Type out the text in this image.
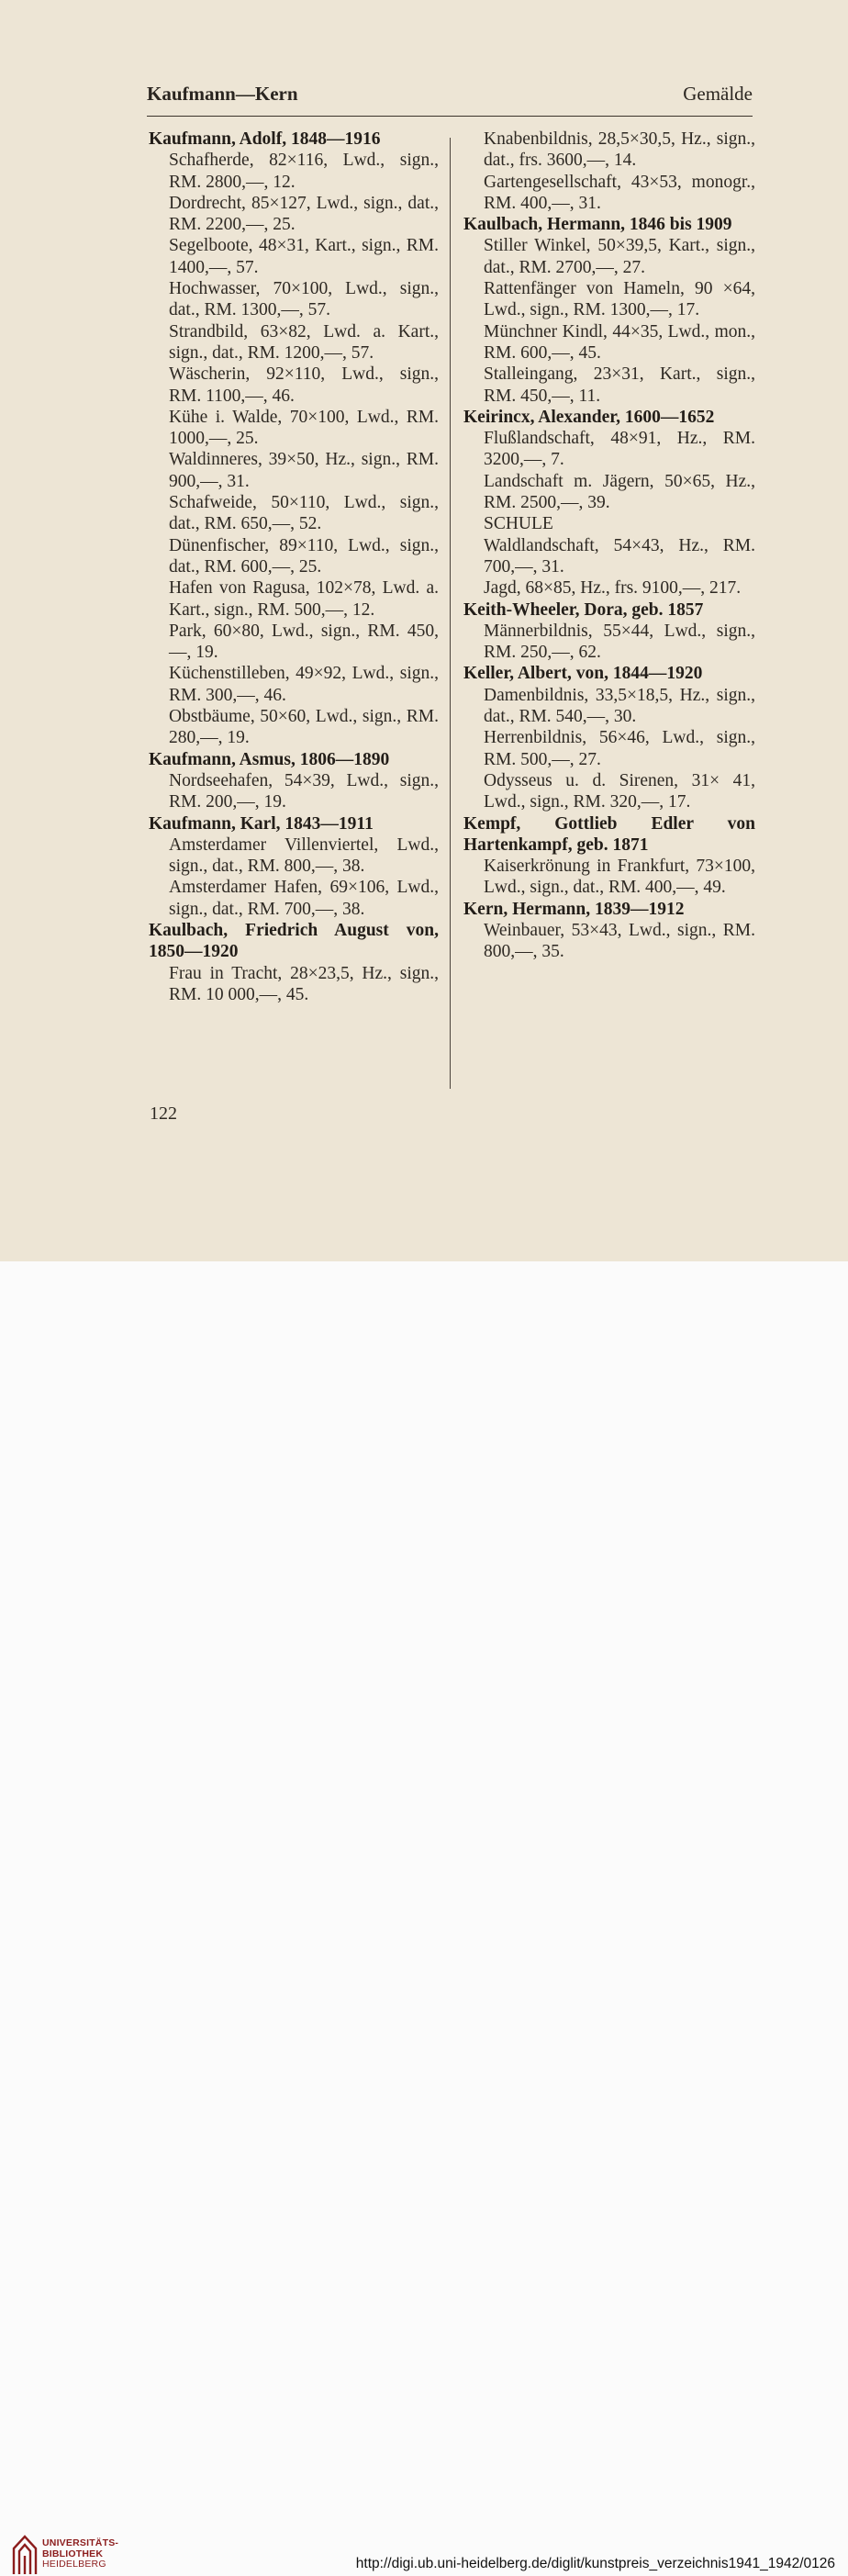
Kaufmann—Kern	Gemälde
Kaufmann, Adolf, 1848—1916
Schafherde, 82×116, Lwd., sign., RM. 2800,—, 12.
Dordrecht, 85×127, Lwd., sign., dat., RM. 2200,—, 25.
Segelboote, 48×31, Kart., sign., RM. 1400,—, 57.
Hochwasser, 70×100, Lwd., sign., dat., RM. 1300,—, 57.
Strandbild, 63×82, Lwd. a. Kart., sign., dat., RM. 1200,—, 57.
Wäscherin, 92×110, Lwd., sign., RM. 1100,—, 46.
Kühe i. Walde, 70×100, Lwd., RM. 1000,—, 25.
Waldinneres, 39×50, Hz., sign., RM. 900,—, 31.
Schafweide, 50×110, Lwd., sign., dat., RM. 650,—, 52.
Dünenfischer, 89×110, Lwd., sign., dat., RM. 600,—, 25.
Hafen von Ragusa, 102×78, Lwd. a. Kart., sign., RM. 500,—, 12.
Park, 60×80, Lwd., sign., RM. 450,—, 19.
Küchenstilleben, 49×92, Lwd., sign., RM. 300,—, 46.
Obstbäume, 50×60, Lwd., sign., RM. 280,—, 19.
Kaufmann, Asmus, 1806—1890
Nordseehafen, 54×39, Lwd., sign., RM. 200,—, 19.
Kaufmann, Karl, 1843—1911
Amsterdamer Villenviertel, Lwd., sign., dat., RM. 800,—, 38.
Amsterdamer Hafen, 69×106, Lwd., sign., dat., RM. 700,—, 38.
Kaulbach, Friedrich August von, 1850—1920
Frau in Tracht, 28×23,5, Hz., sign., RM. 10 000,—, 45.
Knabenbildnis, 28,5×30,5, Hz., sign., dat., frs. 3600,—, 14.
Gartengesellschaft, 43×53, monogr., RM. 400,—, 31.
Kaulbach, Hermann, 1846 bis 1909
Stiller Winkel, 50×39,5, Kart., sign., dat., RM. 2700,—, 27.
Rattenfänger von Hameln, 90 ×64, Lwd., sign., RM. 1300,—, 17.
Münchner Kindl, 44×35, Lwd., mon., RM. 600,—, 45.
Stalleingang, 23×31, Kart., sign., RM. 450,—, 11.
Keirincx, Alexander, 1600—1652
Flußlandschaft, 48×91, Hz., RM. 3200,—, 7.
Landschaft m. Jägern, 50×65, Hz., RM. 2500,—, 39.
SCHULE
Waldlandschaft, 54×43, Hz., RM. 700,—, 31.
Jagd, 68×85, Hz., frs. 9100,—, 217.
Keith-Wheeler, Dora, geb. 1857
Männerbildnis, 55×44, Lwd., sign., RM. 250,—, 62.
Keller, Albert, von, 1844—1920
Damenbildnis, 33,5×18,5, Hz., sign., dat., RM. 540,—, 30.
Herrenbildnis, 56×46, Lwd., sign., RM. 500,—, 27.
Odysseus u. d. Sirenen, 31× 41, Lwd., sign., RM. 320,—, 17.
Kempf, Gottlieb Edler von Hartenkampf, geb. 1871
Kaiserkrönung in Frankfurt, 73×100, Lwd., sign., dat., RM. 400,—, 49.
Kern, Hermann, 1839—1912
Weinbauer, 53×43, Lwd., sign., RM. 800,—, 35.
122
UNIVERSITÄTS-
BIBLIOTHEK
HEIDELBERG	http://digi.ub.uni-heidelberg.de/diglit/kunstpreis_verzeichnis1941_1942/0126
